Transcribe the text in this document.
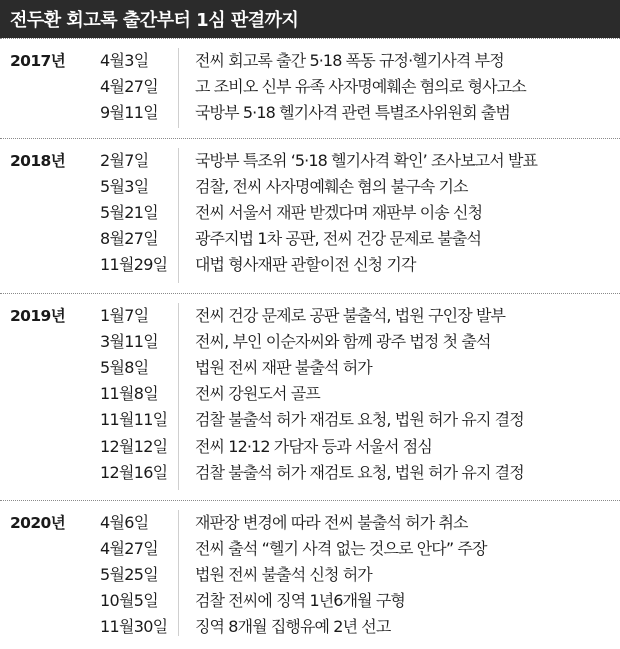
전두환 회고록 출간부터 1심 판결까지
2017년 4월3일	전씨 회고록 출간 5·18 폭동 규정·헬기사격 부정
4월27일 고 조비오 신부 유족 사자명예훼손 혐의로 형사고소
9월11일 국방부 5·18 헬기사격 관련 특별조사위원회 출범
2018년 2월7일	국방부 특조위 ‘5·18 헬기사격 확인’ 조사보고서 발표
5월3일	검찰, 전씨 사자명예훼손 혐의 불구속 기소
5월21일 전씨 서울서 재판 받겠다며 재판부 이송 신청
8월27일 광주지법 1차 공판, 전씨 건강 문제로 불출석
11월29일 대법 형사재판 관할이전 신청 기각
2019년 1월7일	전씨 건강 문제로 공판 불출석, 법원 구인장 발부
3월11일 전씨, 부인 이순자씨와 함께 광주 법정 첫 출석
5월8일	법원 전씨 재판 불출석 허가
11월8일 전씨 강원도서 골프
11월11일 검찰 불출석 허가 재검토 요청, 법원 허가 유지 결정
12월12일 전씨 12·12 가담자 등과 서울서 점심
12월16일 검찰 불출석 허가 재검토 요청, 법원 허가 유지 결정
2020년 4월6일	재판장 변경에 따라 전씨 불출석 허가 취소
4월27일 전씨 출석 “헬기 사격 없는 것으로 안다” 주장
5월25일 법원 전씨 불출석 신청 허가
10월5일 검찰 전씨에 징역 1년6개월 구형
11월30일 징역 8개월 집행유예 2년 선고
